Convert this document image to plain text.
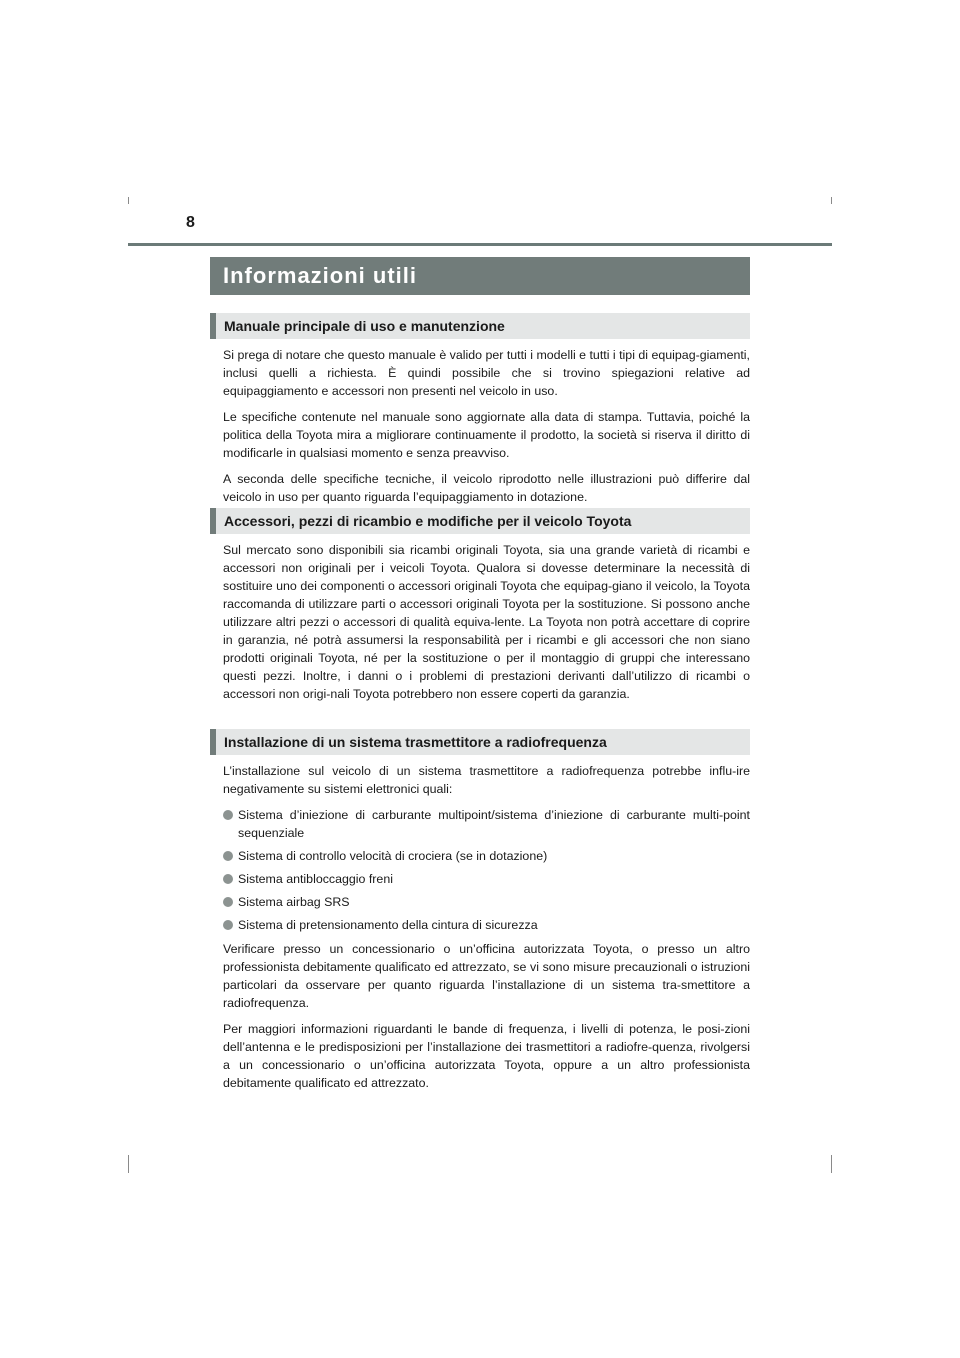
8
Informazioni utili
Manuale principale di uso e manutenzione

Si prega di notare che questo manuale è valido per tutti i modelli e tutti i tipi di equipag-giamenti, inclusi quelli a richiesta. È quindi possibile che si trovino spiegazioni relative ad equipaggiamento e accessori non presenti nel veicolo in uso.

Le specifiche contenute nel manuale sono aggiornate alla data di stampa. Tuttavia, poiché la politica della Toyota mira a migliorare continuamente il prodotto, la società si riserva il diritto di modificarle in qualsiasi momento e senza preavviso.

A seconda delle specifiche tecniche, il veicolo riprodotto nelle illustrazioni può differire dal veicolo in uso per quanto riguarda l’equipaggiamento in dotazione.

Accessori, pezzi di ricambio e modifiche per il veicolo Toyota

Sul mercato sono disponibili sia ricambi originali Toyota, sia una grande varietà di ricambi e accessori non originali per i veicoli Toyota. Qualora si dovesse determinare la necessità di sostituire uno dei componenti o accessori originali Toyota che equipag-giano il veicolo, la Toyota raccomanda di utilizzare parti o accessori originali Toyota per la sostituzione. Si possono anche utilizzare altri pezzi o accessori di qualità equiva-lente. La Toyota non potrà accettare di coprire in garanzia, né potrà assumersi la responsabilità per i ricambi e gli accessori che non siano prodotti originali Toyota, né per la sostituzione o per il montaggio di gruppi che interessano questi pezzi. Inoltre, i danni o i problemi di prestazioni derivanti dall’utilizzo di ricambi o accessori non origi-nali Toyota potrebbero non essere coperti da garanzia.

Installazione di un sistema trasmettitore a radiofrequenza

L’installazione sul veicolo di un sistema trasmettitore a radiofrequenza potrebbe influ-ire negativamente su sistemi elettronici quali:

Sistema d’iniezione di carburante multipoint/sistema d’iniezione di carburante multi-point sequenziale
Sistema di controllo velocità di crociera (se in dotazione)
Sistema antibloccaggio freni
Sistema airbag SRS
Sistema di pretensionamento della cintura di sicurezza

Verificare presso un concessionario o un’officina autorizzata Toyota, o presso un altro professionista debitamente qualificato ed attrezzato, se vi sono misure precauzionali o istruzioni particolari da osservare per quanto riguarda l’installazione di un sistema tra-smettitore a radiofrequenza.

Per maggiori informazioni riguardanti le bande di frequenza, i livelli di potenza, le posi-zioni dell’antenna e le predisposizioni per l’installazione dei trasmettitori a radiofre-quenza, rivolgersi a un concessionario o un’officina autorizzata Toyota, oppure a un altro professionista debitamente qualificato ed attrezzato.
